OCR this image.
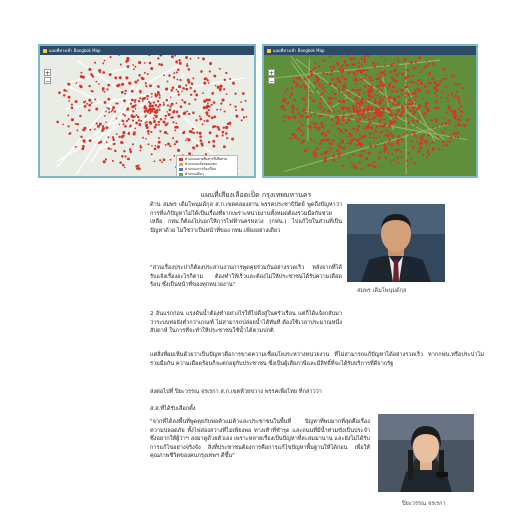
แผนที่ทางเท้า Bangkok Map
+
−
ตำแหน่งสายสื่อสารที่เสียหาย
ตำแหน่งแจ้งซ่อมแซม
ตำแหน่งการร้องเรียน
ตำแหน่งอื่นๆ
แผนที่ทางเท้า Bangkok Map
+
−
แผนที่เสียงเลือดเป็ด กรุงเทพมหานคร
ด้าน สมพร เด็มโพนุมด์กุล ส.ก.เขตคลองสาน พรรคประชาธิปัตย์ พูดถึงปัญหาว่า การที่แก้ปัญหาไม่ได้เป็นเรื่องที่ยากเพราะหน่วยงานทั้งหมดต้องร่วมมือกันช่วยเหลือ กทม.ก็ต้องไปบอกให้การไฟฟ้านครหลวง (กฟน.) ไปแก้ไขในส่วนที่เป็นปัญหาด้วย ไม่ใช่ว่าเป็นหน้าที่ของ กทม.เพียงอย่างเดียว
"ส่วนเรื่องประปาก็ต้องประสานงานการพูดคุยร่วมกันอย่างรวดเร็ว หลังจากที่ได้รับแจ้งเรื่องอะไรก็ตาม ต้องทำให้เร็วและต้องไม่ให้ประชาชนได้รับความเดือดร้อน ซึ่งเป็นหน้าที่ของทุกหน่วยงาน"
2 อันแรกก่อน แรงดันน้ำต้องทำอย่างไรให้ไปดึงสู่ในครัวเรือน แต่ก็ได้แจ้งกลับมาว่าระบบท่อยังต่ำกว่าเกณฑ์ ไม่สามารถปล่อยน้ำได้ทันที ต้องใช้เวลาประมาณหนึ่งสัปดาห์ ในการที่จะทำให้ประชาชนใช้น้ำได้ตามปกติ
แต่สิ่งที่ผมเห็นด้วยว่าเป็นปัญหาคือการขาดความเชื่อมโยงระหว่างหน่วยงาน ที่ไม่สามารถแก้ปัญหาได้อย่างรวดเร็ว หากกฟน.หรือประปาไม่ร่วมมือกัน ความเดือดร้อนก็จะตกอยู่กับประชาชน ซึ่งเป็นผู้เสียภาษีและมีสิทธิ์ที่จะได้รับบริการที่ดีจากรัฐ
ส่งต่อไปที่ ปิยะวรรณ จรเรกา ส.ก.เขตห้วยขวาง พรรคเพื่อไทย ที่กล่าวว่า
ส.ส.ที่ได้รับเลือกตั้ง
"จากที่ได้ลงพื้นที่พูดคุยกับพ่อค้าแม่ค้าและประชาชนในพื้นที่ ปัญหาที่พบมากที่สุดคือเรื่องความปลอดภัย ทั้งไฟส่องสว่างที่ไม่เพียงพอ ทางเท้าที่ชำรุด และถนนที่มีน้ำท่วมขังเป็นประจำ ซึ่งอยากให้ผู้ว่าฯ ลงมาดูด้วยตัวเอง เพราะหลายเรื่องเป็นปัญหาที่สะสมมานาน และยังไม่ได้รับการแก้ไขอย่างจริงจัง สิ่งที่ประชาชนต้องการคือการแก้ไขปัญหาพื้นฐานให้ได้ก่อน เพื่อให้คุณภาพชีวิตของคนกรุงเทพฯ ดีขึ้น"
สมพร เด็มโพนุมด์กุล
ปิยะวรรณ จรเรกา
